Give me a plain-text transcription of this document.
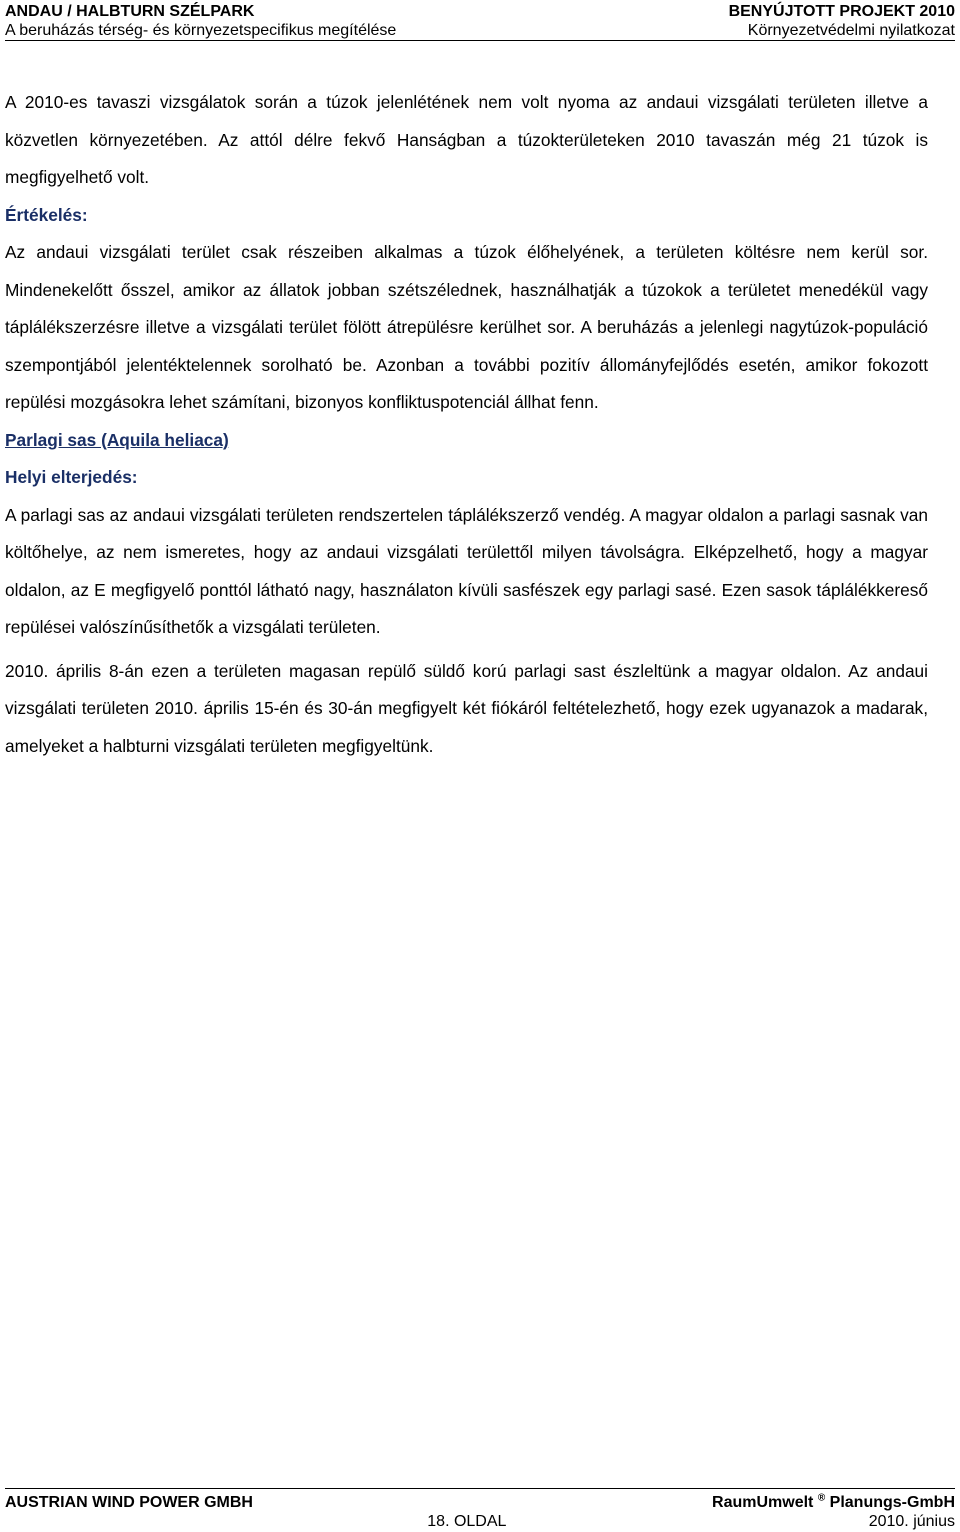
ANDAU / HALBTURN SZÉLPARK	BENYÚJTOTT PROJEKT 2010
A beruházás térség- és környezetspecifikus megítélése	Környezetvédelmi nyilatkozat

A 2010-es tavaszi vizsgálatok során a túzok jelenlétének nem volt nyoma az andaui vizsgálati területen illetve a közvetlen környezetében. Az attól délre fekvő Hanságban a túzokterületeken 2010 tavaszán még 21 túzok is megfigyelhető volt.

Értékelés:

Az andaui vizsgálati terület csak részeiben alkalmas a túzok élőhelyének, a területen költésre nem kerül sor. Mindenekelőtt ősszel, amikor az állatok jobban szétszélednek, használhatják a túzokok a területet menedékül vagy táplálékszerzésre illetve a vizsgálati terület fölött átrepülésre kerülhet sor. A beruházás a jelenlegi nagytúzok-populáció szempontjából jelentéktelennek sorolható be. Azonban a további pozitív állományfejlődés esetén, amikor fokozott repülési mozgásokra lehet számítani, bizonyos konfliktuspotenciál állhat fenn.

Parlagi sas (Aquila heliaca)

Helyi elterjedés:

A parlagi sas az andaui vizsgálati területen rendszertelen táplálékszerző vendég. A magyar oldalon a parlagi sasnak van költőhelye, az nem ismeretes, hogy az andaui vizsgálati területtől milyen távolságra. Elképzelhető, hogy a magyar oldalon, az E megfigyelő ponttól látható nagy, használaton kívüli sasfészek egy parlagi sasé. Ezen sasok táplálékkereső repülései valószínűsíthetők a vizsgálati területen.

2010. április 8-án ezen a területen magasan repülő süldő korú parlagi sast észleltünk a magyar oldalon. Az andaui vizsgálati területen 2010. április 15-én és 30-án megfigyelt két fiókáról feltételezhető, hogy ezek ugyanazok a madarak, amelyeket a halbturni vizsgálati területen megfigyeltünk.

AUSTRIAN WIND POWER GMBH	RaumUmwelt ® Planungs-GmbH
18. OLDAL	2010. június
